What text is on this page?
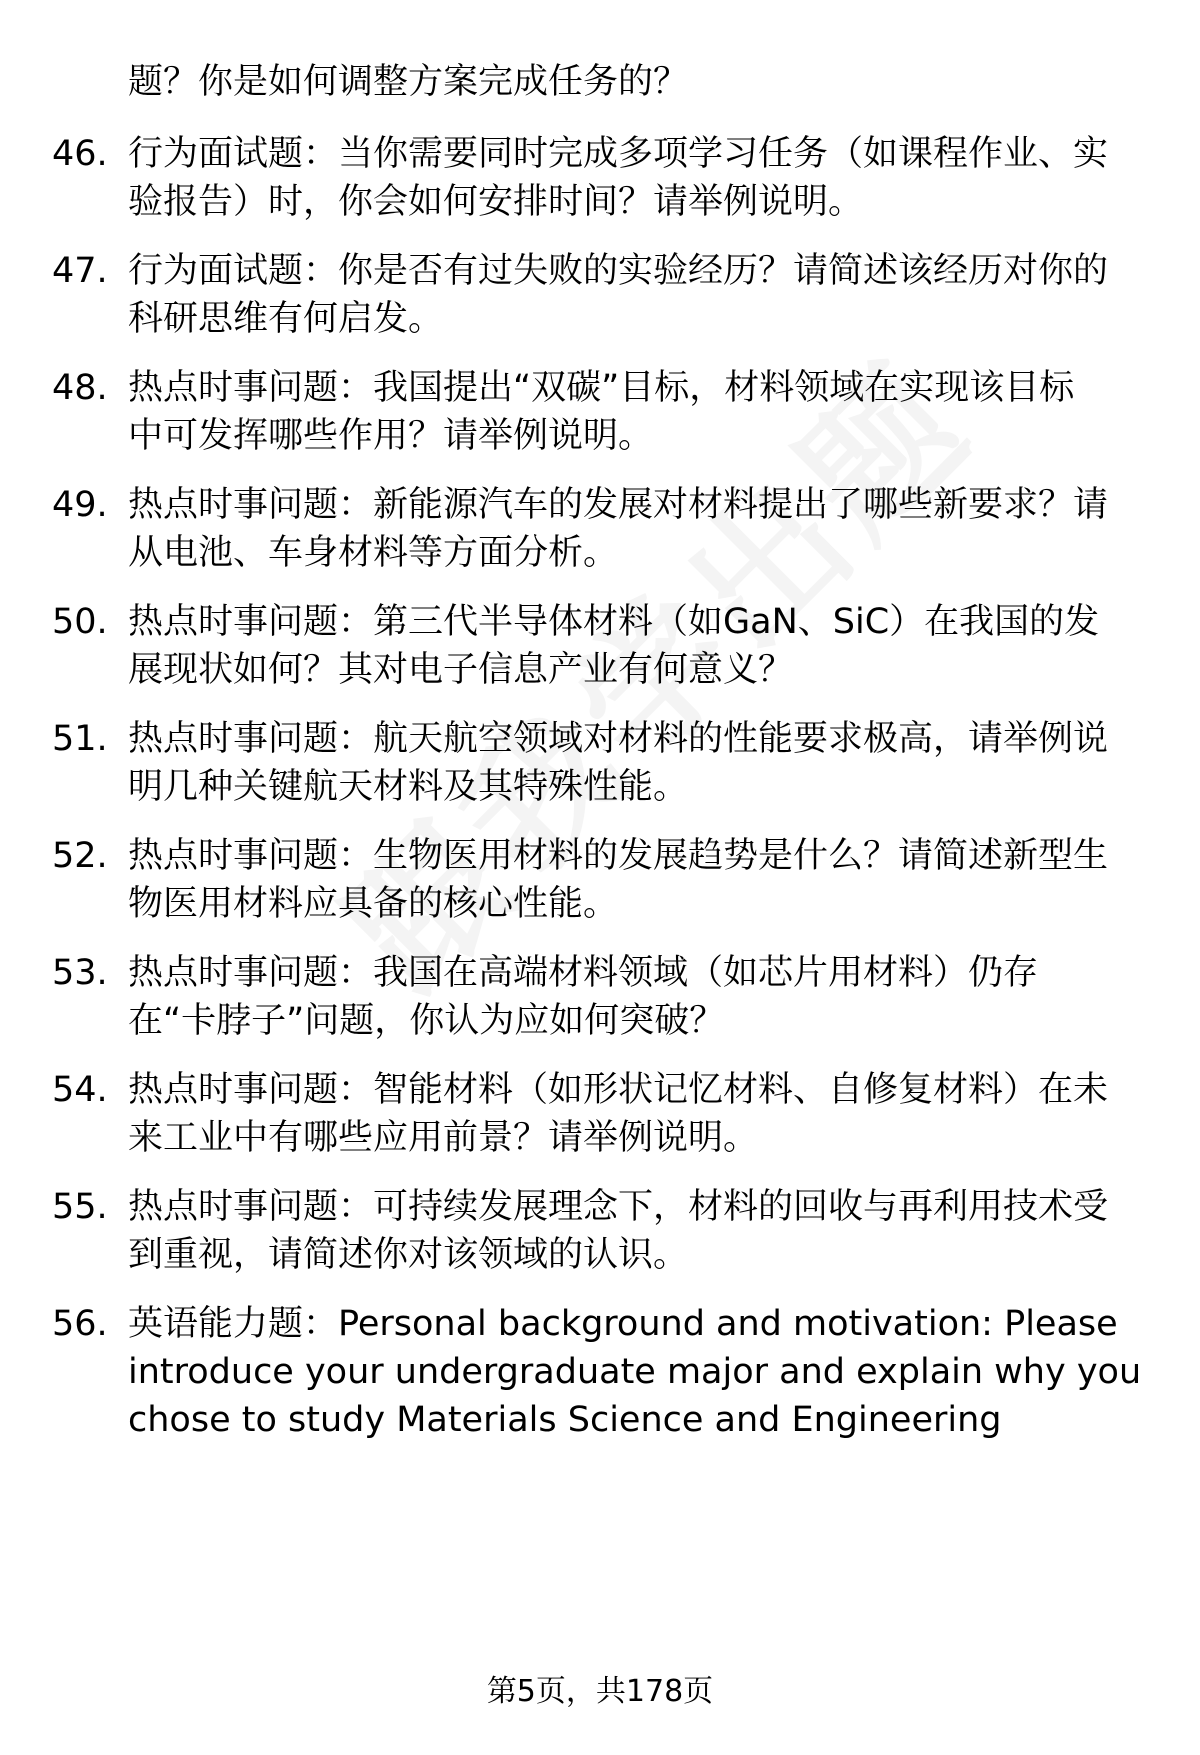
题？你是如何调整方案完成任务的？
46. 行为面试题：当你需要同时完成多项学习任务（如课程作业、实
验报告）时，你会如何安排时间？请举例说明。
47. 行为面试题：你是否有过失败的实验经历？请简述该经历对你的
科研思维有何启发。
48. 热点时事问题：我国提出“双碳”目标，材料领域在实现该目标
中可发挥哪些作用？请举例说明。
49. 热点时事问题：新能源汽车的发展对材料提出了哪些新要求？请
从电池、车身材料等方面分析。
50. 热点时事问题：第三代半导体材料（如GaN、SiC）在我国的发
展现状如何？其对电子信息产业有何意义？
51. 热点时事问题：航天航空领域对材料的性能要求极高，请举例说
明几种关键航天材料及其特殊性能。
52. 热点时事问题：生物医用材料的发展趋势是什么？请简述新型生
物医用材料应具备的核心性能。
53. 热点时事问题：我国在高端材料领域（如芯片用材料）仍存
在“卡脖子”问题，你认为应如何突破？
54. 热点时事问题：智能材料（如形状记忆材料、自修复材料）在未
来工业中有哪些应用前景？请举例说明。
55. 热点时事问题：可持续发展理念下，材料的回收与再利用技术受
到重视，请简述你对该领域的认识。
56. 英语能力题：Personal background and motivation: Please
introduce your undergraduate major and explain why you
chose to study Materials Science and Engineering
第5页，共178页
